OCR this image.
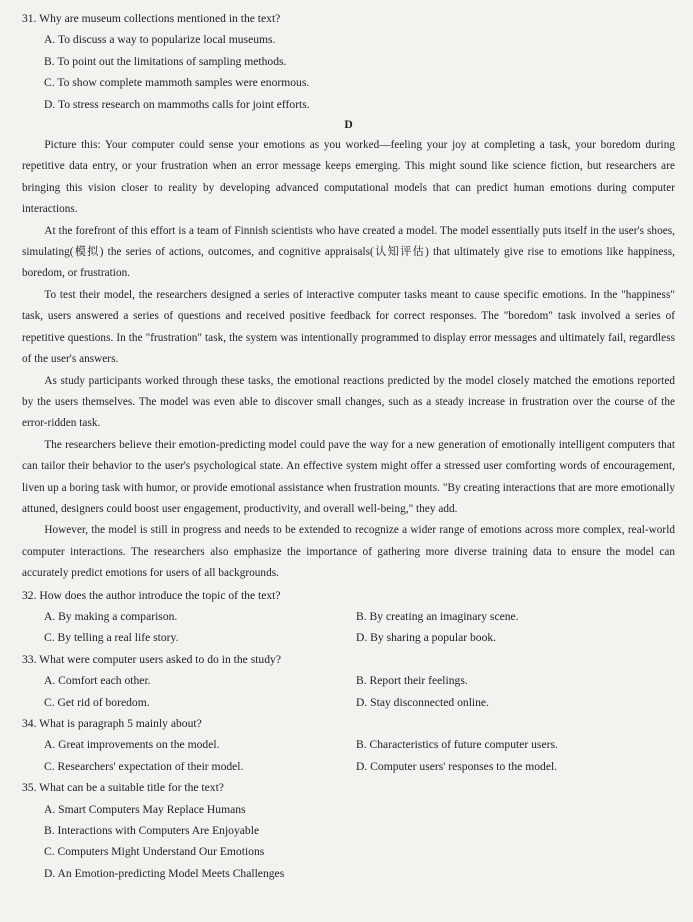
31. Why are museum collections mentioned in the text?
A. To discuss a way to popularize local museums.
B. To point out the limitations of sampling methods.
C. To show complete mammoth samples were enormous.
D. To stress research on mammoths calls for joint efforts.
D

Picture this: Your computer could sense your emotions as you worked—feeling your joy at completing a task, your boredom during repetitive data entry, or your frustration when an error message keeps emerging. This might sound like science fiction, but researchers are bringing this vision closer to reality by developing advanced computational models that can predict human emotions during computer interactions.

At the forefront of this effort is a team of Finnish scientists who have created a model. The model essentially puts itself in the user's shoes, simulating(模拟) the series of actions, outcomes, and cognitive appraisals(认知评估) that ultimately give rise to emotions like happiness, boredom, or frustration.

To test their model, the researchers designed a series of interactive computer tasks meant to cause specific emotions. In the "happiness" task, users answered a series of questions and received positive feedback for correct responses. The "boredom" task involved a series of repetitive questions. In the "frustration" task, the system was intentionally programmed to display error messages and ultimately fail, regardless of the user's answers.

As study participants worked through these tasks, the emotional reactions predicted by the model closely matched the emotions reported by the users themselves. The model was even able to discover small changes, such as a steady increase in frustration over the course of the error-ridden task.

The researchers believe their emotion-predicting model could pave the way for a new generation of emotionally intelligent computers that can tailor their behavior to the user's psychological state. An effective system might offer a stressed user comforting words of encouragement, liven up a boring task with humor, or provide emotional assistance when frustration mounts. "By creating interactions that are more emotionally attuned, designers could boost user engagement, productivity, and overall well-being," they add.

However, the model is still in progress and needs to be extended to recognize a wider range of emotions across more complex, real-world computer interactions. The researchers also emphasize the importance of gathering more diverse training data to ensure the model can accurately predict emotions for users of all backgrounds.

32. How does the author introduce the topic of the text?
A. By making a comparison.	B. By creating an imaginary scene.
C. By telling a real life story.	D. By sharing a popular book.
33. What were computer users asked to do in the study?
A. Comfort each other.	B. Report their feelings.
C. Get rid of boredom.	D. Stay disconnected online.
34. What is paragraph 5 mainly about?
A. Great improvements on the model.	B. Characteristics of future computer users.
C. Researchers' expectation of their model.	D. Computer users' responses to the model.
35. What can be a suitable title for the text?
A. Smart Computers May Replace Humans
B. Interactions with Computers Are Enjoyable
C. Computers Might Understand Our Emotions
D. An Emotion-predicting Model Meets Challenges
